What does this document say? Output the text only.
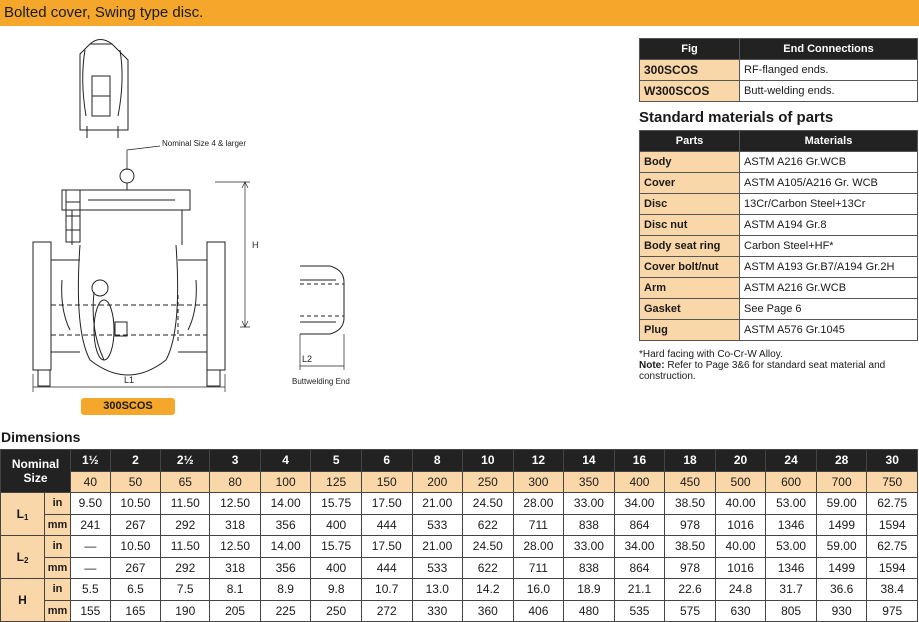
Bolted cover, Swing type disc.
Nominal Size 4 & larger
H
L1
L2
Buttwelding End
300SCOS
Fig	End Connections
300SCOS	RF-flanged ends.
W300SCOS	Butt-welding ends.
Standard materials of parts
Parts	Materials
Body	ASTM A216 Gr.WCB
Cover	ASTM A105/A216 Gr. WCB
Disc	13Cr/Carbon Steel+13Cr
Disc nut	ASTM A194 Gr.8
Body seat ring	Carbon Steel+HF*
Cover bolt/nut	ASTM A193 Gr.B7/A194 Gr.2H
Arm	ASTM A216 Gr.WCB
Gasket	See Page 6
Plug	ASTM A576 Gr.1045
*Hard facing with Co-Cr-W Alloy.
Note: Refer to Page 3&6 for standard seat material and construction.
Dimensions
Nominal
Size		1½	2	2½	3	4	5	6	8	10	12	14	16	18	20	24	28	30
		40	50	65	80	100	125	150	200	250	300	350	400	450	500	600	700	750
$L_1$	in	9.50	10.50	11.50	12.50	14.00	15.75	17.50	21.00	24.50	28.00	33.00	34.00	38.50	40.00	53.00	59.00	62.75
	mm	241	267	292	318	356	400	444	533	622	711	838	864	978	1016	1346	1499	1594
$L_2$	in	—	10.50	11.50	12.50	14.00	15.75	17.50	21.00	24.50	28.00	33.00	34.00	38.50	40.00	53.00	59.00	62.75
	mm	—	267	292	318	356	400	444	533	622	711	838	864	978	1016	1346	1499	1594
H	in	5.5	6.5	7.5	8.1	8.9	9.8	10.7	13.0	14.2	16.0	18.9	21.1	22.6	24.8	31.7	36.6	38.4
	mm	155	165	190	205	225	250	272	330	360	406	480	535	575	630	805	930	975
